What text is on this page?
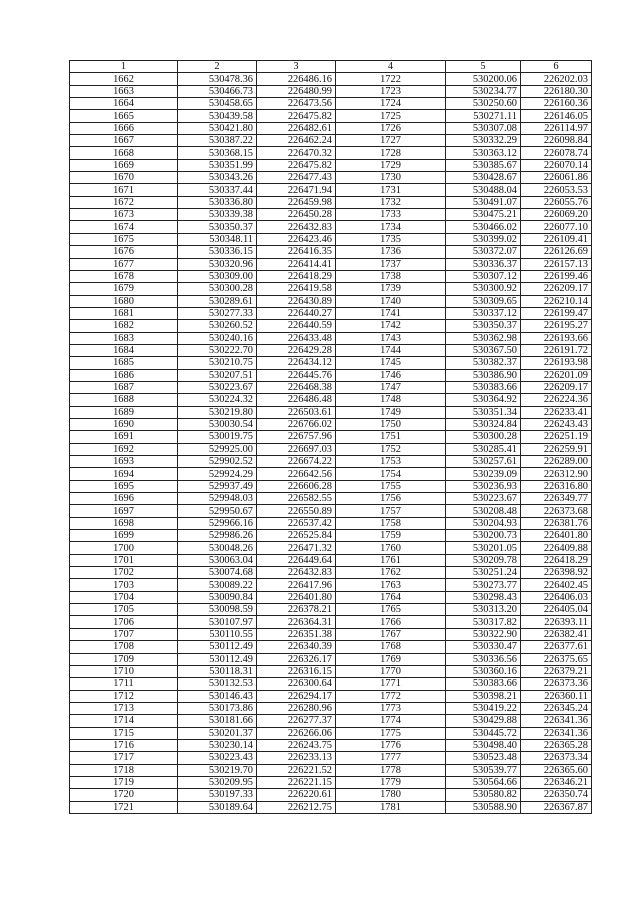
1	2	3	4	5	6
1662	530478.36	226486.16	1722	530200.06	226202.03
1663	530466.73	226480.99	1723	530234.77	226180.30
1664	530458.65	226473.56	1724	530250.60	226160.36
1665	530439.58	226475.82	1725	530271.11	226146.05
1666	530421.80	226482.61	1726	530307.08	226114.97
1667	530387.22	226462.24	1727	530332.29	226098.84
1668	530368.15	226470.32	1728	530363.12	226078.74
1669	530351.99	226475.82	1729	530385.67	226070.14
1670	530343.26	226477.43	1730	530428.67	226061.86
1671	530337.44	226471.94	1731	530488.04	226053.53
1672	530336.80	226459.98	1732	530491.07	226055.76
1673	530339.38	226450.28	1733	530475.21	226069.20
1674	530350.37	226432.83	1734	530466.02	226077.10
1675	530348.11	226423.46	1735	530399.02	226109.41
1676	530336.15	226416.35	1736	530372.07	226126.69
1677	530320.96	226414.41	1737	530336.37	226157.13
1678	530309.00	226418.29	1738	530307.12	226199.46
1679	530300.28	226419.58	1739	530300.92	226209.17
1680	530289.61	226430.89	1740	530309.65	226210.14
1681	530277.33	226440.27	1741	530337.12	226199.47
1682	530260.52	226440.59	1742	530350.37	226195.27
1683	530240.16	226433.48	1743	530362.98	226193.66
1684	530222.70	226429.28	1744	530367.50	226191.72
1685	530210.75	226434.12	1745	530382.37	226193.98
1686	530207.51	226445.76	1746	530386.90	226201.09
1687	530223.67	226468.38	1747	530383.66	226209.17
1688	530224.32	226486.48	1748	530364.92	226224.36
1689	530219.80	226503.61	1749	530351.34	226233.41
1690	530030.54	226766.02	1750	530324.84	226243.43
1691	530019.75	226757.96	1751	530300.28	226251.19
1692	529925.00	226697.03	1752	530285.41	226259.91
1693	529902.52	226674.22	1753	530257.61	226289.00
1694	529924.29	226642.56	1754	530239.09	226312.90
1695	529937.49	226606.28	1755	530236.93	226316.80
1696	529948.03	226582.55	1756	530223.67	226349.77
1697	529950.67	226550.89	1757	530208.48	226373.68
1698	529966.16	226537.42	1758	530204.93	226381.76
1699	529986.26	226525.84	1759	530200.73	226401.80
1700	530048.26	226471.32	1760	530201.05	226409.88
1701	530063.04	226449.64	1761	530209.78	226418.29
1702	530074.68	226432.83	1762	530251.24	226398.92
1703	530089.22	226417.96	1763	530273.77	226402.45
1704	530090.84	226401.80	1764	530298.43	226406.03
1705	530098.59	226378.21	1765	530313.20	226405.04
1706	530107.97	226364.31	1766	530317.82	226393.11
1707	530110.55	226351.38	1767	530322.90	226382.41
1708	530112.49	226340.39	1768	530330.47	226377.61
1709	530112.49	226326.17	1769	530336.56	226375.65
1710	530118.31	226316.15	1770	530360.16	226379.21
1711	530132.53	226300.64	1771	530383.66	226373.36
1712	530146.43	226294.17	1772	530398.21	226360.11
1713	530173.86	226280.96	1773	530419.22	226345.24
1714	530181.66	226277.37	1774	530429.88	226341.36
1715	530201.37	226266.06	1775	530445.72	226341.36
1716	530230.14	226243.75	1776	530498.40	226365.28
1717	530223.43	226233.13	1777	530523.48	226373.34
1718	530219.70	226221.52	1778	530539.77	226365.60
1719	530209.95	226221.15	1779	530564.66	226346.21
1720	530197.33	226220.61	1780	530580.82	226350.74
1721	530189.64	226212.75	1781	530588.90	226367.87
